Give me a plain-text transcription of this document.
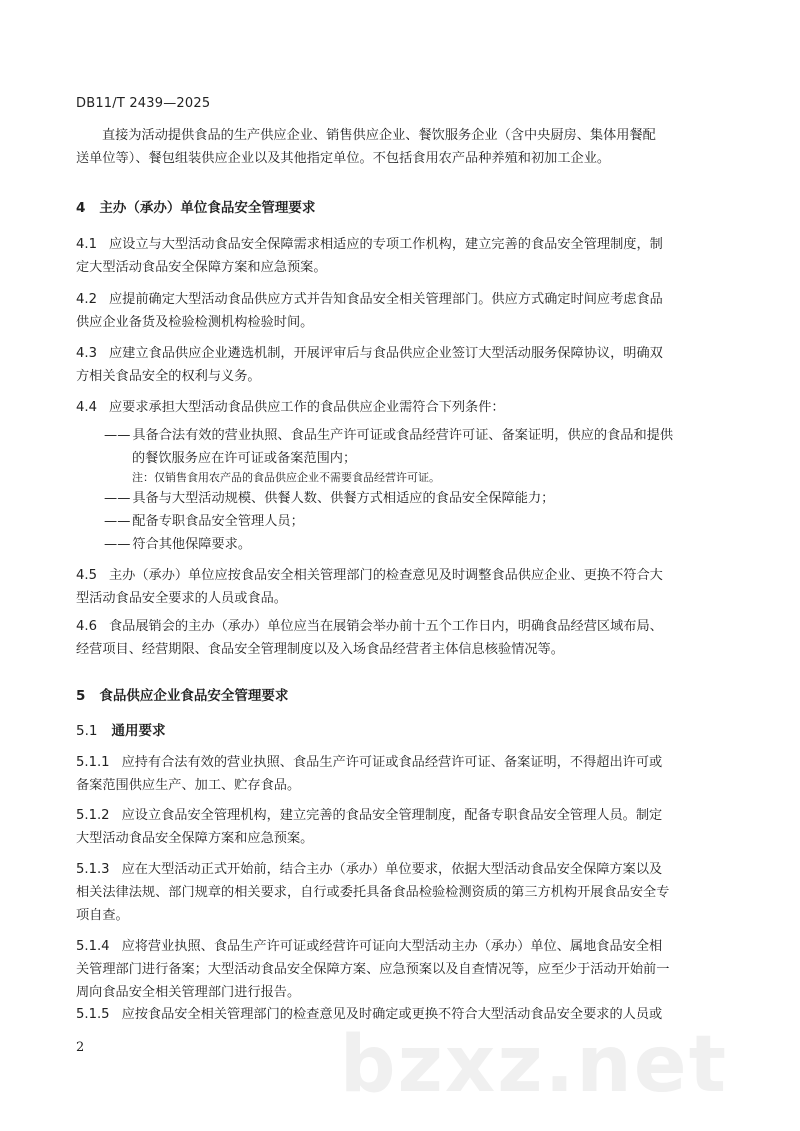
DB11/T 2439—2025
直接为活动提供食品的生产供应企业、销售供应企业、餐饮服务企业（含中央厨房、集体用餐配
送单位等）、餐包组装供应企业以及其他指定单位。不包括食用农产品种养殖和初加工企业。
4 主办（承办）单位食品安全管理要求
4.1 应设立与大型活动食品安全保障需求相适应的专项工作机构，建立完善的食品安全管理制度，制
定大型活动食品安全保障方案和应急预案。
4.2 应提前确定大型活动食品供应方式并告知食品安全相关管理部门。供应方式确定时间应考虑食品
供应企业备货及检验检测机构检验时间。
4.3 应建立食品供应企业遴选机制，开展评审后与食品供应企业签订大型活动服务保障协议，明确双
方相关食品安全的权利与义务。
4.4 应要求承担大型活动食品供应工作的食品供应企业需符合下列条件：
—— 具备合法有效的营业执照、食品生产许可证或食品经营许可证、备案证明，供应的食品和提供
的餐饮服务应在许可证或备案范围内；
注：仅销售食用农产品的食品供应企业不需要食品经营许可证。
—— 具备与大型活动规模、供餐人数、供餐方式相适应的食品安全保障能力；
—— 配备专职食品安全管理人员；
—— 符合其他保障要求。
4.5 主办（承办）单位应按食品安全相关管理部门的检查意见及时调整食品供应企业、更换不符合大
型活动食品安全要求的人员或食品。
4.6 食品展销会的主办（承办）单位应当在展销会举办前十五个工作日内，明确食品经营区域布局、
经营项目、经营期限、食品安全管理制度以及入场食品经营者主体信息核验情况等。
5 食品供应企业食品安全管理要求
5.1 通用要求
5.1.1 应持有合法有效的营业执照、食品生产许可证或食品经营许可证、备案证明，不得超出许可或
备案范围供应生产、加工、贮存食品。
5.1.2 应设立食品安全管理机构，建立完善的食品安全管理制度，配备专职食品安全管理人员。制定
大型活动食品安全保障方案和应急预案。
5.1.3 应在大型活动正式开始前，结合主办（承办）单位要求，依据大型活动食品安全保障方案以及
相关法律法规、部门规章的相关要求，自行或委托具备食品检验检测资质的第三方机构开展食品安全专
项自查。
5.1.4 应将营业执照、食品生产许可证或经营许可证向大型活动主办（承办）单位、属地食品安全相
关管理部门进行备案；大型活动食品安全保障方案、应急预案以及自查情况等，应至少于活动开始前一
周向食品安全相关管理部门进行报告。
5.1.5 应按食品安全相关管理部门的检查意见及时确定或更换不符合大型活动食品安全要求的人员或
bzxz.net
2
